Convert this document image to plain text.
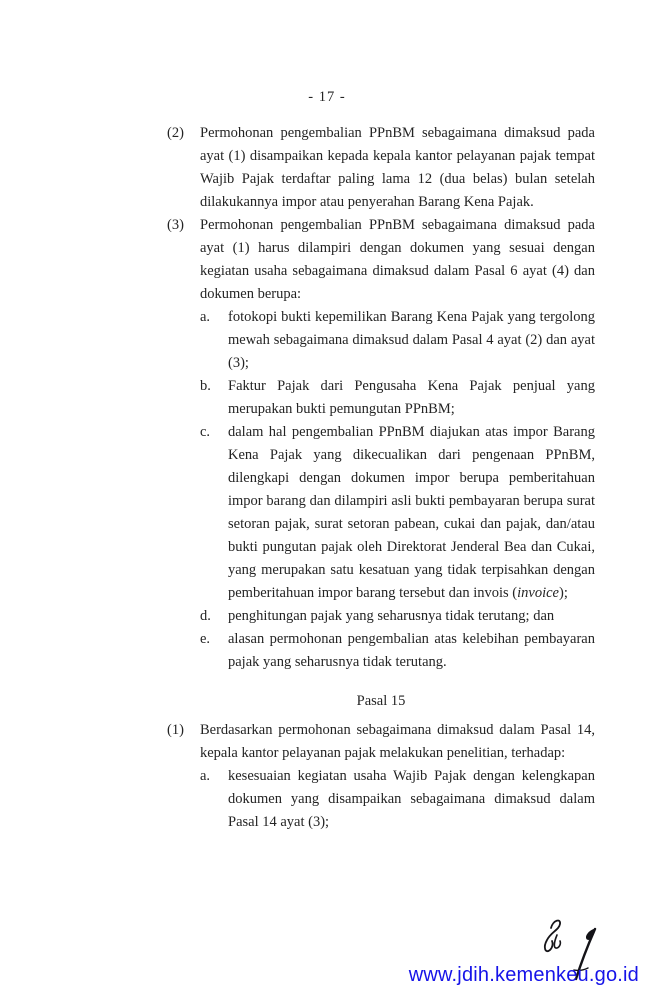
- 17 -
(2)	Permohonan pengembalian PPnBM sebagaimana dimaksud pada ayat (1) disampaikan kepada kepala kantor pelayanan pajak tempat Wajib Pajak terdaftar paling lama 12 (dua belas) bulan setelah dilakukannya impor atau penyerahan Barang Kena Pajak.
(3)	Permohonan pengembalian PPnBM sebagaimana dimaksud pada ayat (1) harus dilampiri dengan dokumen yang sesuai dengan kegiatan usaha sebagaimana dimaksud dalam Pasal 6 ayat (4) dan dokumen berupa:
a.	fotokopi bukti kepemilikan Barang Kena Pajak yang tergolong mewah sebagaimana dimaksud dalam Pasal 4 ayat (2) dan ayat (3);
b.	Faktur Pajak dari Pengusaha Kena Pajak penjual yang merupakan bukti pemungutan PPnBM;
c.	dalam hal pengembalian PPnBM diajukan atas impor Barang Kena Pajak yang dikecualikan dari pengenaan PPnBM, dilengkapi dengan dokumen impor berupa pemberitahuan impor barang dan dilampiri asli bukti pembayaran berupa surat setoran pajak, surat setoran pabean, cukai dan pajak, dan/atau bukti pungutan pajak oleh Direktorat Jenderal Bea dan Cukai, yang merupakan satu kesatuan yang tidak terpisahkan dengan pemberitahuan impor barang tersebut dan invois (invoice);
d.	penghitungan pajak yang seharusnya tidak terutang; dan
e.	alasan permohonan pengembalian atas kelebihan pembayaran pajak yang seharusnya tidak terutang.
Pasal 15
(1)	Berdasarkan permohonan sebagaimana dimaksud dalam Pasal 14, kepala kantor pelayanan pajak melakukan penelitian, terhadap:
a.	kesesuaian kegiatan usaha Wajib Pajak dengan kelengkapan dokumen yang disampaikan sebagaimana dimaksud dalam Pasal 14 ayat (3);
www.jdih.kemenkeu.go.id
